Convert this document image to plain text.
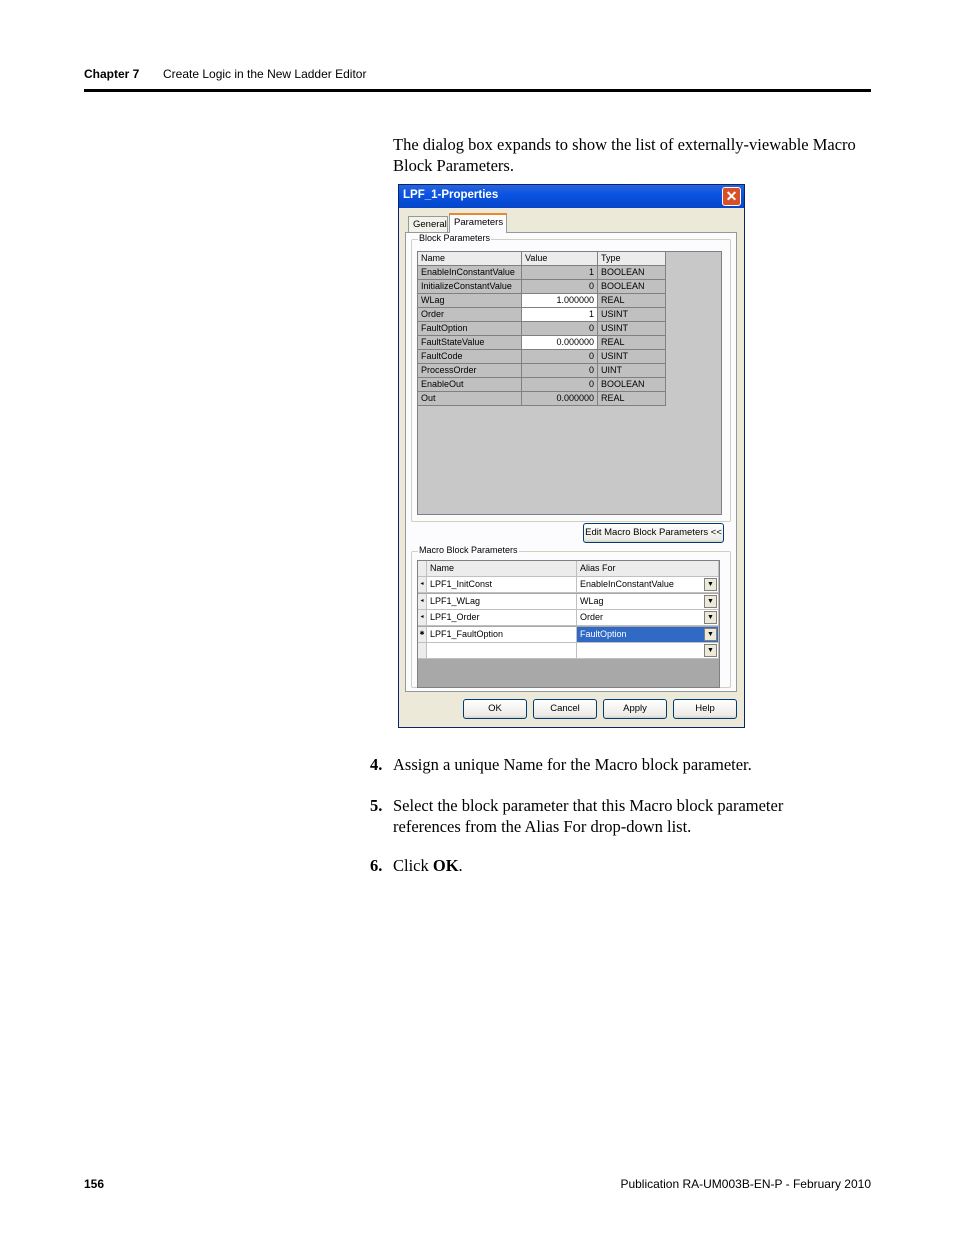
Chapter 7 Create Logic in the New Ladder Editor

The dialog box expands to show the list of externally-viewable Macro Block Parameters.

LPF_1-Properties	✕
General
Block Parameters
Name	Value	Type
EnableInConstantValue	1 BOOLEAN
InitializeConstantValue	0 BOOLEAN
WLag	1.000000 REAL
Order	1 USINT
FaultOption	0 USINT
FaultStateValue	0.000000 REAL
FaultCode	0 USINT
ProcessOrder	0 UINT
EnableOut	0 BOOLEAN
Out	0.000000 REAL
Edit Macro Block Parameters <<
Macro Block Parameters
Name	Alias For
◂ LPF1_InitConst	EnableInConstantValue	▼
◂ LPF1_WLag	WLag	▼
◂ LPF1_Order	Order	▼
✱ LPF1_FaultOption	FaultOption	▼
▼
Parameters
OK	Cancel	Apply	Help
4. Assign a unique Name for the Macro block parameter.
5. Select the block parameter that this Macro block parameter references from the Alias For drop-down list.
6. Click OK.
156	Publication RA-UM003B-EN-P - February 2010
